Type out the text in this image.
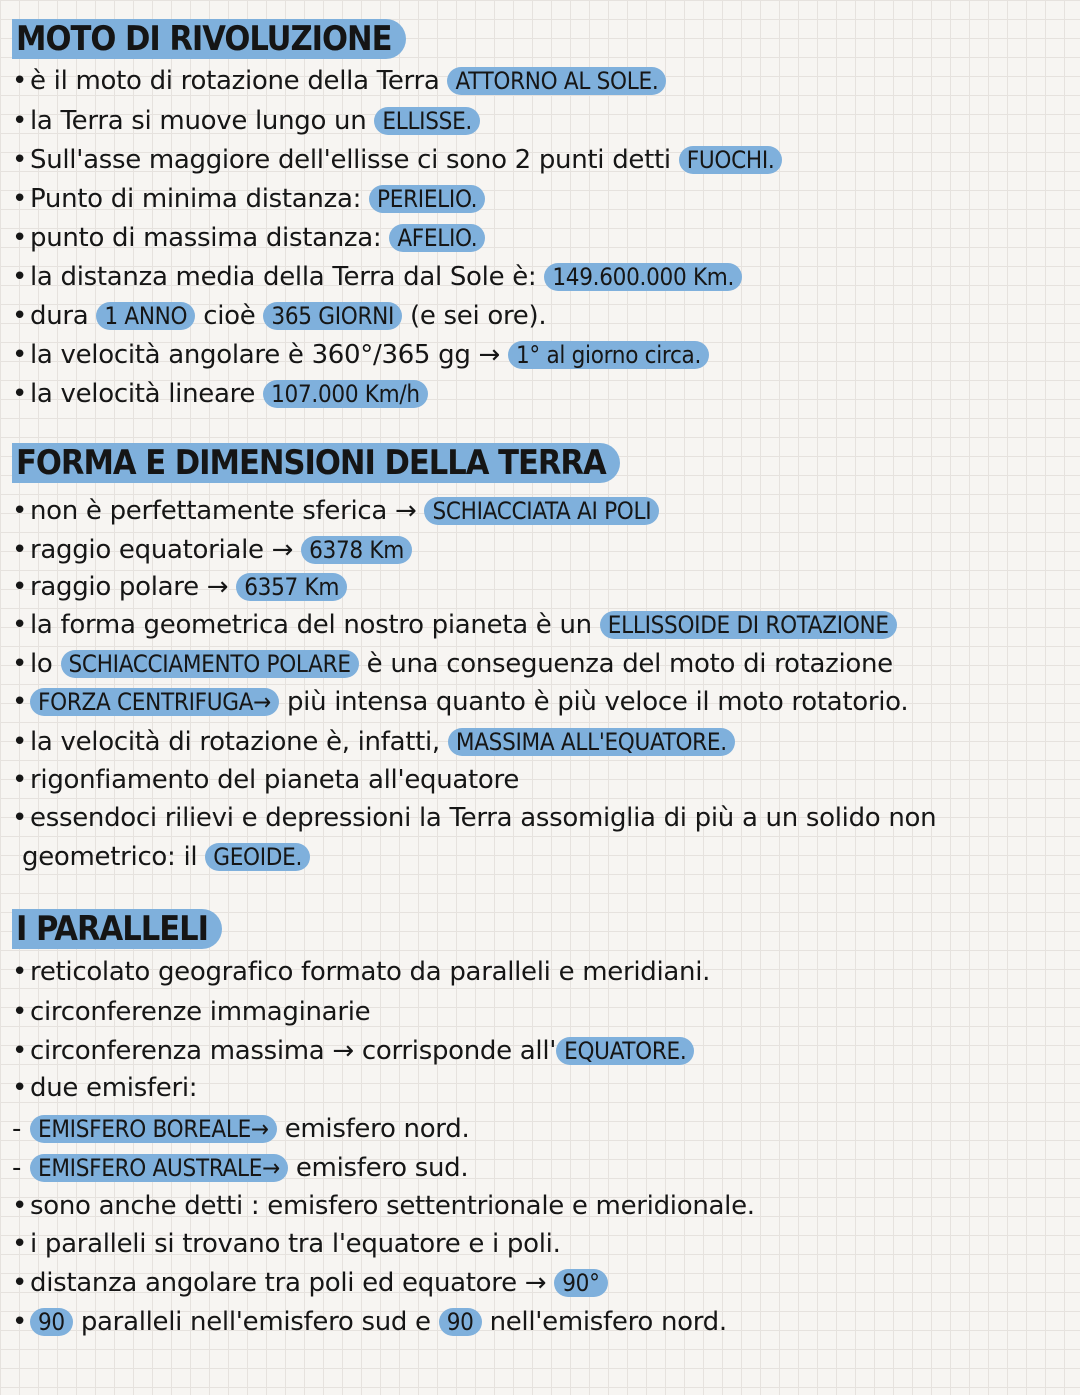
MOTO DI RIVOLUZIONE
• è il moto di rotazione della Terra ATTORNO AL SOLE.
• la Terra si muove lungo un ELLISSE.
• Sull'asse maggiore dell'ellisse ci sono 2 punti detti FUOCHI.
• Punto di minima distanza: PERIELIO.
• punto di massima distanza: AFELIO.
• la distanza media della Terra dal Sole è: 149.600.000 Km.
• dura 1 ANNO cioè 365 GIORNI (e sei ore).
• la velocità angolare è 360°/365 gg → 1° al giorno circa.
• la velocità lineare 107.000 Km/h
FORMA E DIMENSIONI DELLA TERRA
• non è perfettamente sferica → SCHIACCIATA AI POLI
• raggio equatoriale → 6378 Km
• raggio polare → 6357 Km
• la forma geometrica del nostro pianeta è un ELLISSOIDE DI ROTAZIONE
• lo SCHIACCIAMENTO POLARE è una conseguenza del moto di rotazione
• FORZA CENTRIFUGA→ più intensa quanto è più veloce il moto rotatorio.
• la velocità di rotazione è, infatti, MASSIMA ALL'EQUATORE.
• rigonfiamento del pianeta all'equatore
• essendoci rilievi e depressioni la Terra assomiglia di più a un solido non
geometrico: il GEOIDE.
I PARALLELI
• reticolato geografico formato da paralleli e meridiani.
• circonferenze immaginarie
• circonferenza massima → corrisponde all' EQUATORE.
• due emisferi:
- EMISFERO BOREALE→ emisfero nord.
- EMISFERO AUSTRALE→ emisfero sud.
• sono anche detti : emisfero settentrionale e meridionale.
• i paralleli si trovano tra l'equatore e i poli.
• distanza angolare tra poli ed equatore → 90°
• 90 paralleli nell'emisfero sud e 90 nell'emisfero nord.
